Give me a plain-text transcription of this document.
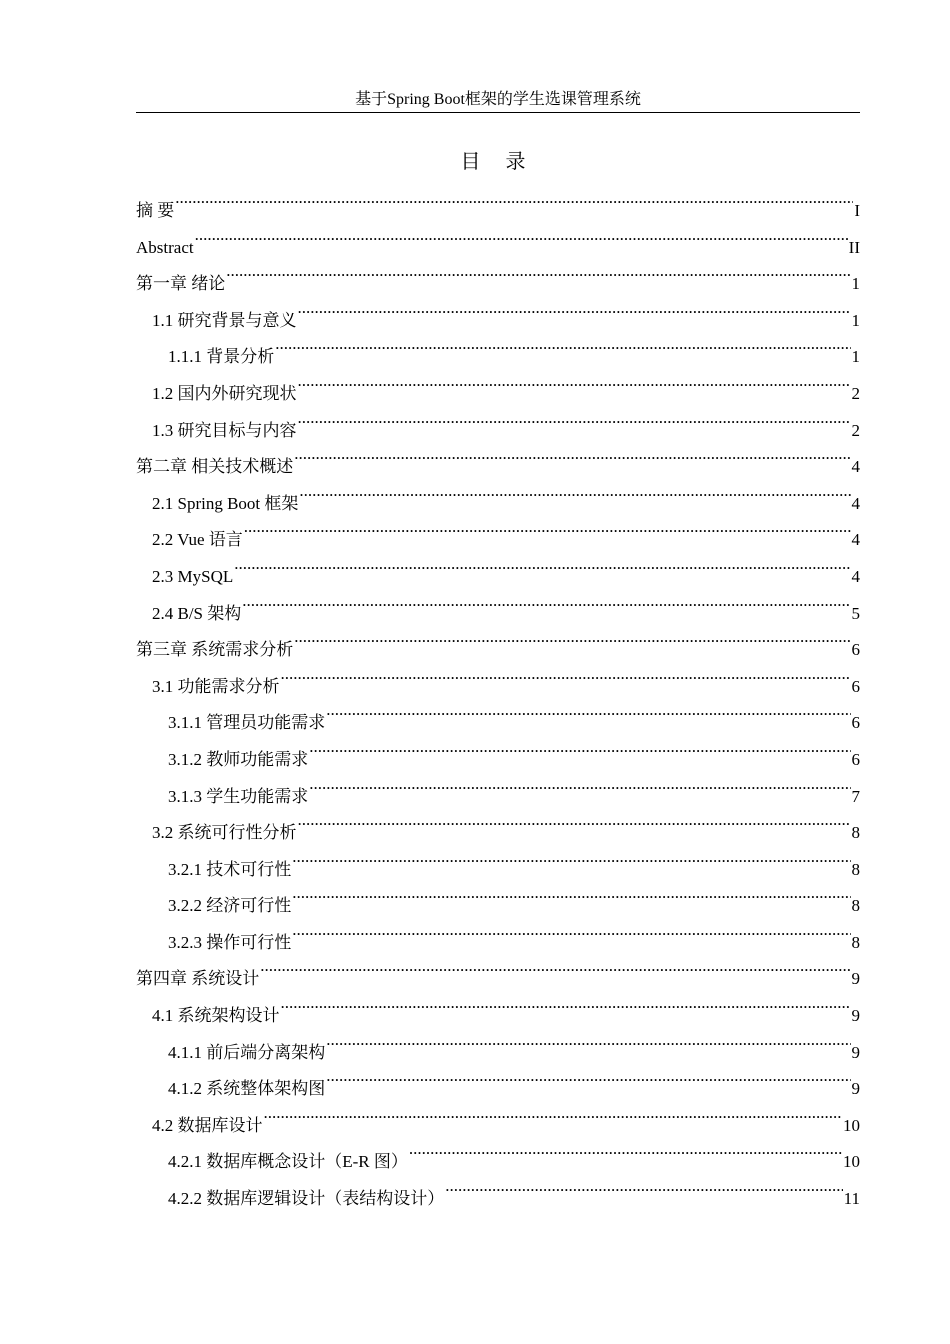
基于Spring Boot框架的学生选课管理系统
目 录
摘 要 .....	I
Abstract .....	II
第一章 绪论 .....	1
1.1 研究背景与意义 .....	1
1.1.1 背景分析 .....	1
1.2 国内外研究现状 .....	2
1.3 研究目标与内容 .....	2
第二章 相关技术概述 .....	4
2.1 Spring Boot 框架 .....	4
2.2 Vue 语言 .....	4
2.3 MySQL .....	4
2.4 B/S 架构 .....	5
第三章 系统需求分析 .....	6
3.1 功能需求分析 .....	6
3.1.1 管理员功能需求 .....	6
3.1.2 教师功能需求 .....	6
3.1.3 学生功能需求 .....	7
3.2 系统可行性分析 .....	8
3.2.1 技术可行性 .....	8
3.2.2 经济可行性 .....	8
3.2.3 操作可行性 .....	8
第四章 系统设计 .....	9
4.1 系统架构设计 .....	9
4.1.1 前后端分离架构 .....	9
4.1.2 系统整体架构图 .....	9
4.2 数据库设计 .....	10
4.2.1 数据库概念设计（E-R 图） .....	10
4.2.2 数据库逻辑设计（表结构设计） .....	11
